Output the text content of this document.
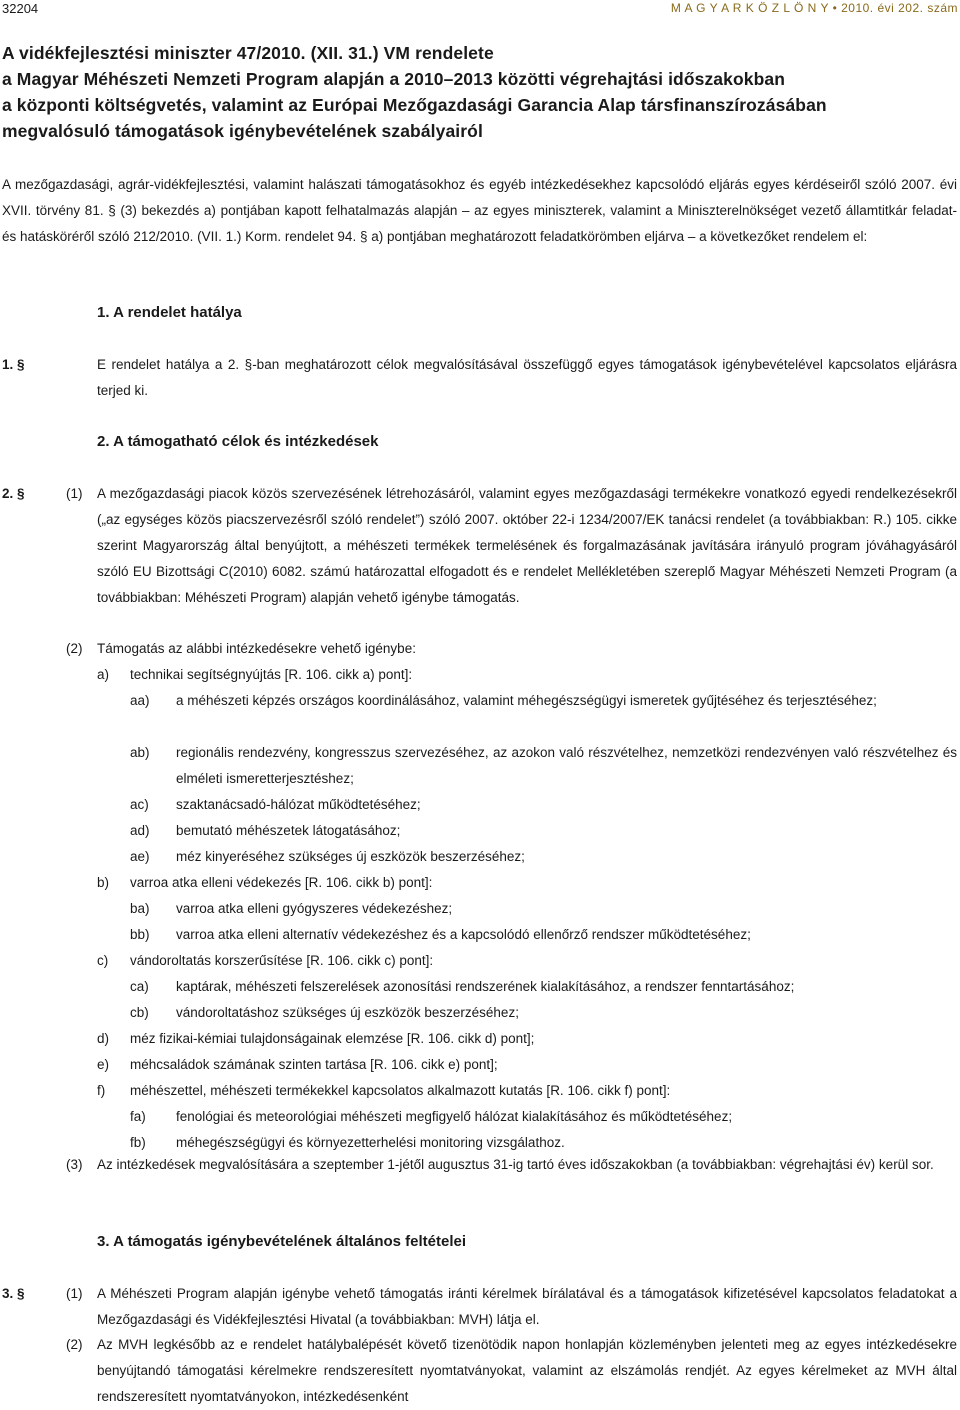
32204	M A G Y A R K Ö Z L Ö N Y • 2010. évi 202. szám
A vidékfejlesztési miniszter 47/2010. (XII. 31.) VM rendelete
a Magyar Méhészeti Nemzeti Program alapján a 2010–2013 közötti végrehajtási időszakokban
a központi költségvetés, valamint az Európai Mezőgazdasági Garancia Alap társfinanszírozásában
megvalósuló támogatások igénybevételének szabályairól
A mezőgazdasági, agrár-vidékfejlesztési, valamint halászati támogatásokhoz és egyéb intézkedésekhez kapcsolódó eljárás egyes kérdéseiről szóló 2007. évi XVII. törvény 81. § (3) bekezdés a) pontjában kapott felhatalmazás alapján – az egyes miniszterek, valamint a Miniszterelnökséget vezető államtitkár feladat- és hatásköréről szóló 212/2010. (VII. 1.) Korm. rendelet 94. § a) pontjában meghatározott feladatkörömben eljárva – a következőket rendelem el:
1. A rendelet hatálya
1. §	E rendelet hatálya a 2. §-ban meghatározott célok megvalósításával összefüggő egyes támogatások igénybevételével kapcsolatos eljárásra terjed ki.
2. A támogatható célok és intézkedések
2. §	(1) A mezőgazdasági piacok közös szervezésének létrehozásáról, valamint egyes mezőgazdasági termékekre vonatkozó egyedi rendelkezésekről („az egységes közös piacszervezésről szóló rendelet”) szóló 2007. október 22-i 1234/2007/EK tanácsi rendelet (a továbbiakban: R.) 105. cikke szerint Magyarország által benyújtott, a méhészeti termékek termelésének és forgalmazásának javítására irányuló program jóváhagyásáról szóló EU Bizottsági C(2010) 6082. számú határozattal elfogadott és e rendelet Mellékletében szereplő Magyar Méhészeti Nemzeti Program (a továbbiakban: Méhészeti Program) alapján vehető igénybe támogatás.
(2) Támogatás az alábbi intézkedésekre vehető igénybe:
a) technikai segítségnyújtás [R. 106. cikk a) pont]:
aa) a méhészeti képzés országos koordinálásához, valamint méhegészségügyi ismeretek gyűjtéséhez és terjesztéséhez;
ab) regionális rendezvény, kongresszus szervezéséhez, az azokon való részvételhez, nemzetközi rendezvényen való részvételhez és elméleti ismeretterjesztéshez;
ac) szaktanácsadó-hálózat működtetéséhez;
ad) bemutató méhészetek látogatásához;
ae) méz kinyeréséhez szükséges új eszközök beszerzéséhez;
b) varroa atka elleni védekezés [R. 106. cikk b) pont]:
ba) varroa atka elleni gyógyszeres védekezéshez;
bb) varroa atka elleni alternatív védekezéshez és a kapcsolódó ellenőrző rendszer működtetéséhez;
c) vándoroltatás korszerűsítése [R. 106. cikk c) pont]:
ca) kaptárak, méhészeti felszerelések azonosítási rendszerének kialakításához, a rendszer fenntartásához;
cb) vándoroltatáshoz szükséges új eszközök beszerzéséhez;
d) méz fizikai-kémiai tulajdonságainak elemzése [R. 106. cikk d) pont];
e) méhcsaládok számának szinten tartása [R. 106. cikk e) pont];
f) méhészettel, méhészeti termékekkel kapcsolatos alkalmazott kutatás [R. 106. cikk f) pont]:
fa) fenológiai és meteorológiai méhészeti megfigyelő hálózat kialakításához és működtetéséhez;
fb) méhegészségügyi és környezetterhelési monitoring vizsgálathoz.
(3) Az intézkedések megvalósítására a szeptember 1-jétől augusztus 31-ig tartó éves időszakokban (a továbbiakban: végrehajtási év) kerül sor.
3. A támogatás igénybevételének általános feltételei
3. §	(1) A Méhészeti Program alapján igénybe vehető támogatás iránti kérelmek bírálatával és a támogatások kifizetésével kapcsolatos feladatokat a Mezőgazdasági és Vidékfejlesztési Hivatal (a továbbiakban: MVH) látja el.
(2) Az MVH legkésőbb az e rendelet hatálybalépését követő tizenötödik napon honlapján közleményben jelenteti meg az egyes intézkedésekre benyújtandó támogatási kérelmekre rendszeresített nyomtatványokat, valamint az elszámolás rendjét. Az egyes kérelmeket az MVH által rendszeresített nyomtatványokon, intézkedésenként
